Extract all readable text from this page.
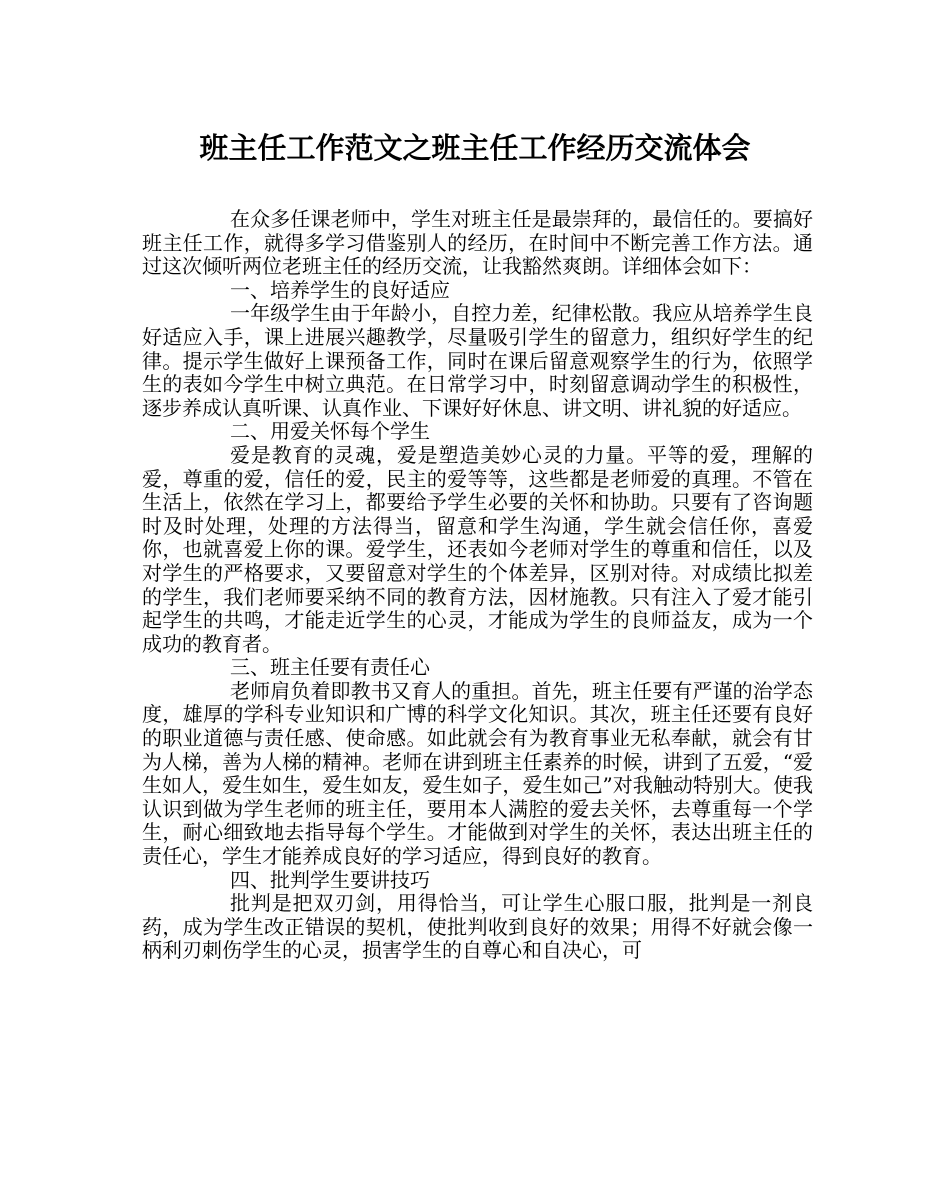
班主任工作范文之班主任工作经历交流体会

在众多任课老师中，学生对班主任是最崇拜的，最信任的。要搞好班主任工作，就得多学习借鉴别人的经历，在时间中不断完善工作方法。通过这次倾听两位老班主任的经历交流，让我豁然爽朗。详细体会如下：

一、培养学生的良好适应

一年级学生由于年龄小，自控力差，纪律松散。我应从培养学生良好适应入手，课上进展兴趣教学，尽量吸引学生的留意力，组织好学生的纪律。提示学生做好上课预备工作，同时在课后留意观察学生的行为，依照学生的表如今学生中树立典范。在日常学习中，时刻留意调动学生的积极性，逐步养成认真听课、认真作业、下课好好休息、讲文明、讲礼貌的好适应。

二、用爱关怀每个学生

爱是教育的灵魂，爱是塑造美妙心灵的力量。平等的爱，理解的爱，尊重的爱，信任的爱，民主的爱等等，这些都是老师爱的真理。不管在生活上，依然在学习上，都要给予学生必要的关怀和协助。只要有了咨询题时及时处理，处理的方法得当，留意和学生沟通，学生就会信任你，喜爱你，也就喜爱上你的课。爱学生，还表如今老师对学生的尊重和信任，以及对学生的严格要求，又要留意对学生的个体差异，区别对待。对成绩比拟差的学生，我们老师要采纳不同的教育方法，因材施教。只有注入了爱才能引起学生的共鸣，才能走近学生的心灵，才能成为学生的良师益友，成为一个成功的教育者。

三、班主任要有责任心

老师肩负着即教书又育人的重担。首先，班主任要有严谨的治学态度，雄厚的学科专业知识和广博的科学文化知识。其次，班主任还要有良好的职业道德与责任感、使命感。如此就会有为教育事业无私奉献，就会有甘为人梯，善为人梯的精神。老师在讲到班主任素养的时候，讲到了五爱，“爱生如人，爱生如生，爱生如友，爱生如子，爱生如己”对我触动特别大。使我认识到做为学生老师的班主任，要用本人满腔的爱去关怀，去尊重每一个学生，耐心细致地去指导每个学生。才能做到对学生的关怀，表达出班主任的责任心，学生才能养成良好的学习适应，得到良好的教育。

四、批判学生要讲技巧

批判是把双刃剑，用得恰当，可让学生心服口服，批判是一剂良药，成为学生改正错误的契机，使批判收到良好的效果；用得不好就会像一柄利刃刺伤学生的心灵，损害学生的自尊心和自决心，可
